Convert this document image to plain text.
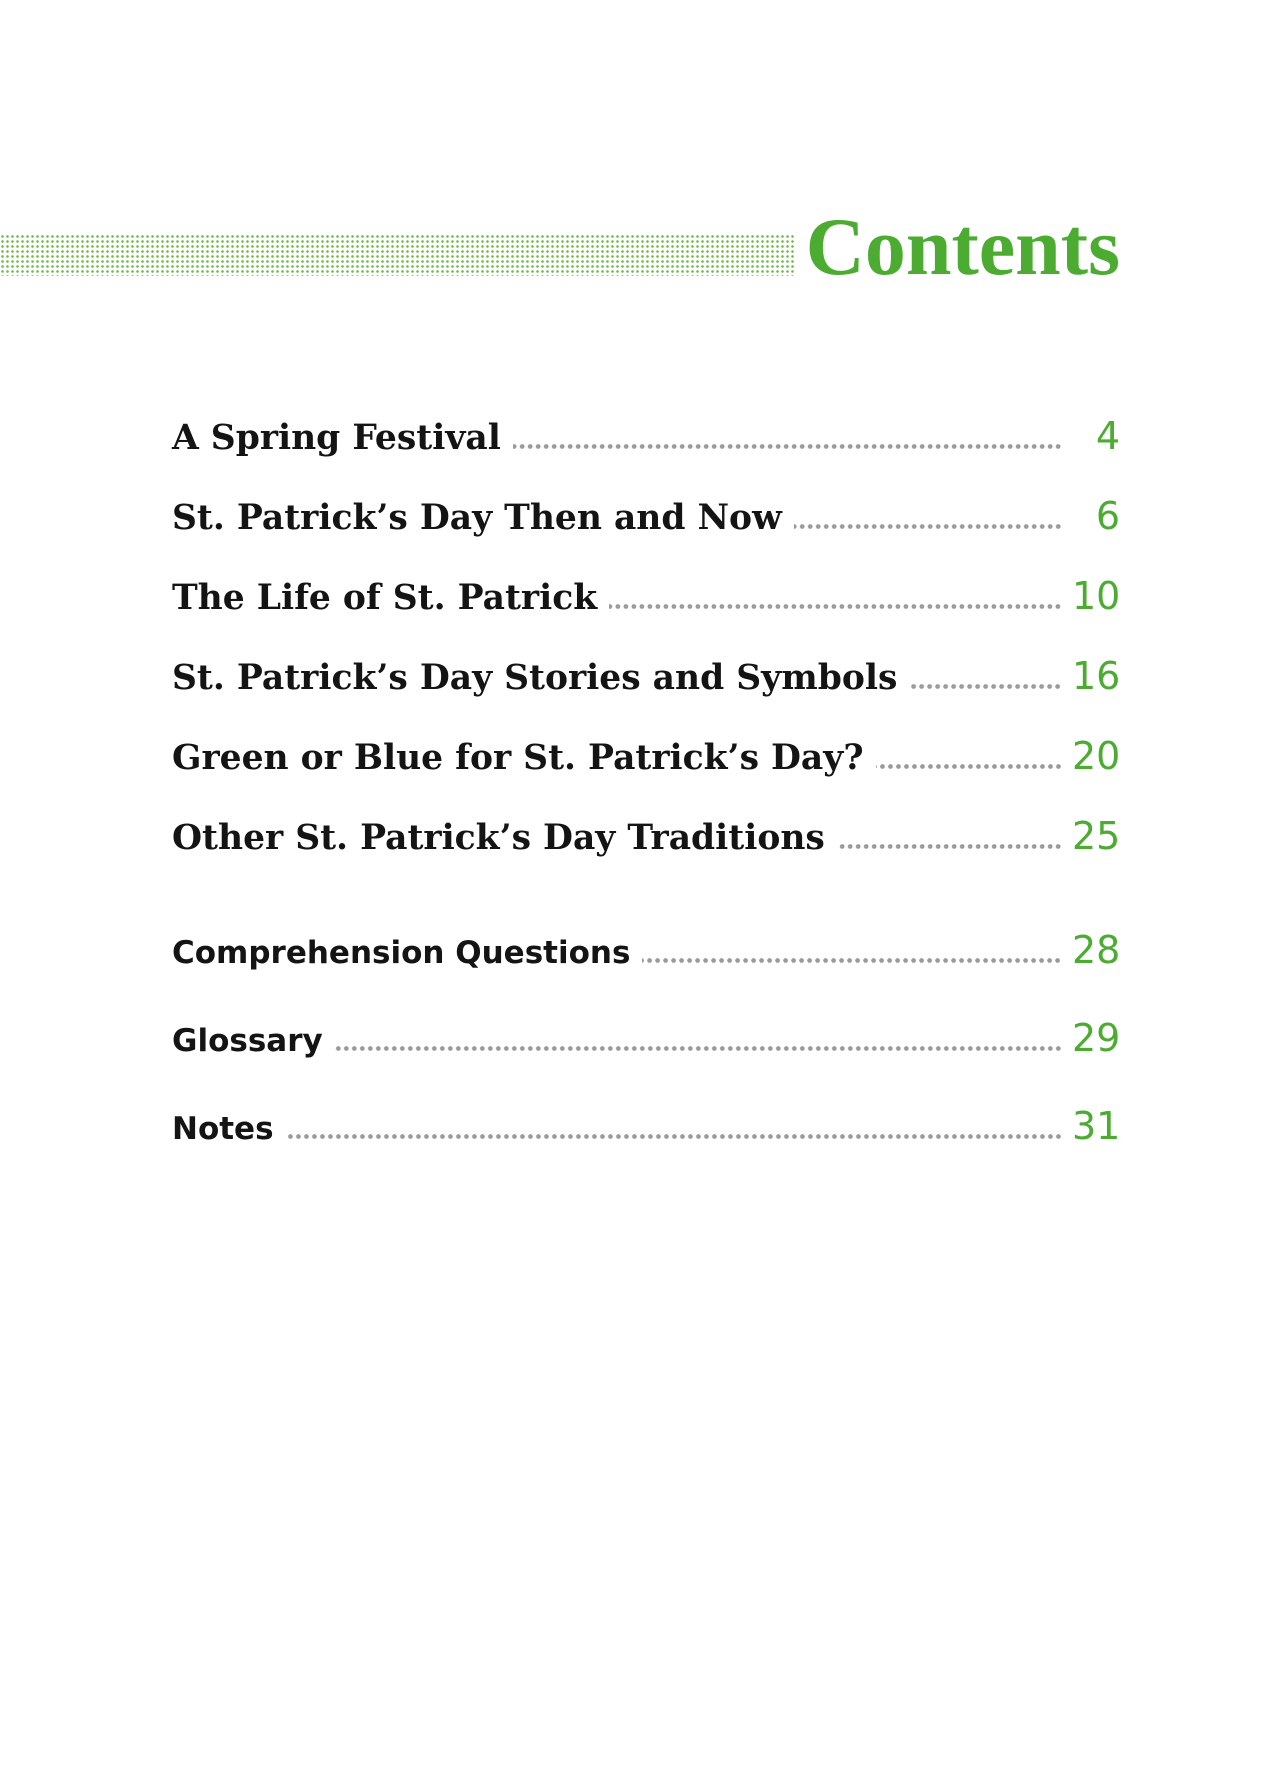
Contents
A Spring Festival	4
St. Patrick’s Day Then and Now	6
The Life of St. Patrick	10
St. Patrick’s Day Stories and Symbols	16
Green or Blue for St. Patrick’s Day?	20
Other St. Patrick’s Day Traditions	25
Comprehension Questions	28
Glossary	29
Notes	31
